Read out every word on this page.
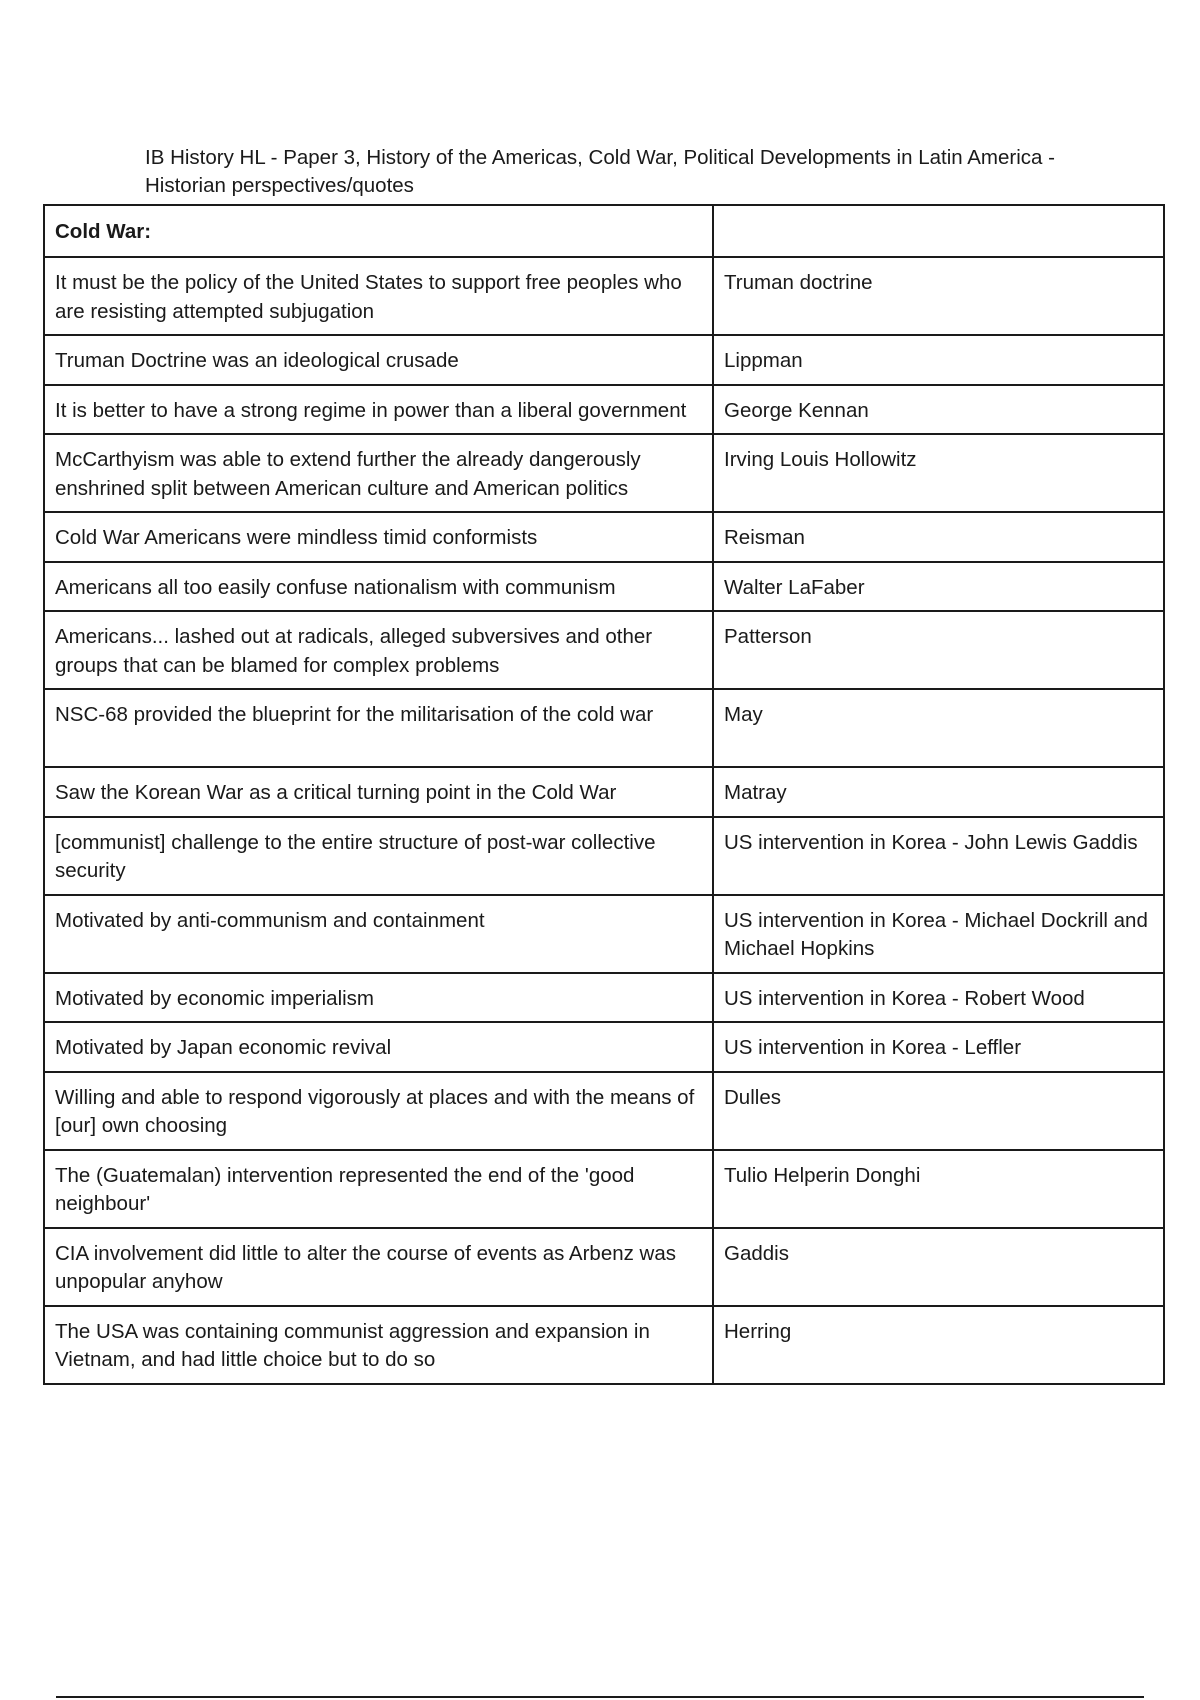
IB History HL - Paper 3, History of the Americas, Cold War, Political Developments in Latin America - Historian perspectives/quotes
Cold War:	
It must be the policy of the United States to support free peoples who are resisting attempted subjugation	Truman doctrine
Truman Doctrine was an ideological crusade	Lippman
It is better to have a strong regime in power than a liberal government	George Kennan
McCarthyism was able to extend further the already dangerously enshrined split between American culture and American politics	Irving Louis Hollowitz
Cold War Americans were mindless timid conformists	Reisman
Americans all too easily confuse nationalism with communism	Walter LaFaber
Americans... lashed out at radicals, alleged subversives and other groups that can be blamed for complex problems	Patterson
NSC-68 provided the blueprint for the militarisation of the cold war	May
Saw the Korean War as a critical turning point in the Cold War	Matray
[communist] challenge to the entire structure of post-war collective security	US intervention in Korea - John Lewis Gaddis
Motivated by anti-communism and containment	US intervention in Korea - Michael Dockrill and Michael Hopkins
Motivated by economic imperialism	US intervention in Korea - Robert Wood
Motivated by Japan economic revival	US intervention in Korea - Leffler
Willing and able to respond vigorously at places and with the means of [our] own choosing	Dulles
The (Guatemalan) intervention represented the end of the 'good neighbour'	Tulio Helperin Donghi
CIA involvement did little to alter the course of events as Arbenz was unpopular anyhow	Gaddis
The USA was containing communist aggression and expansion in Vietnam, and had little choice but to do so	Herring
